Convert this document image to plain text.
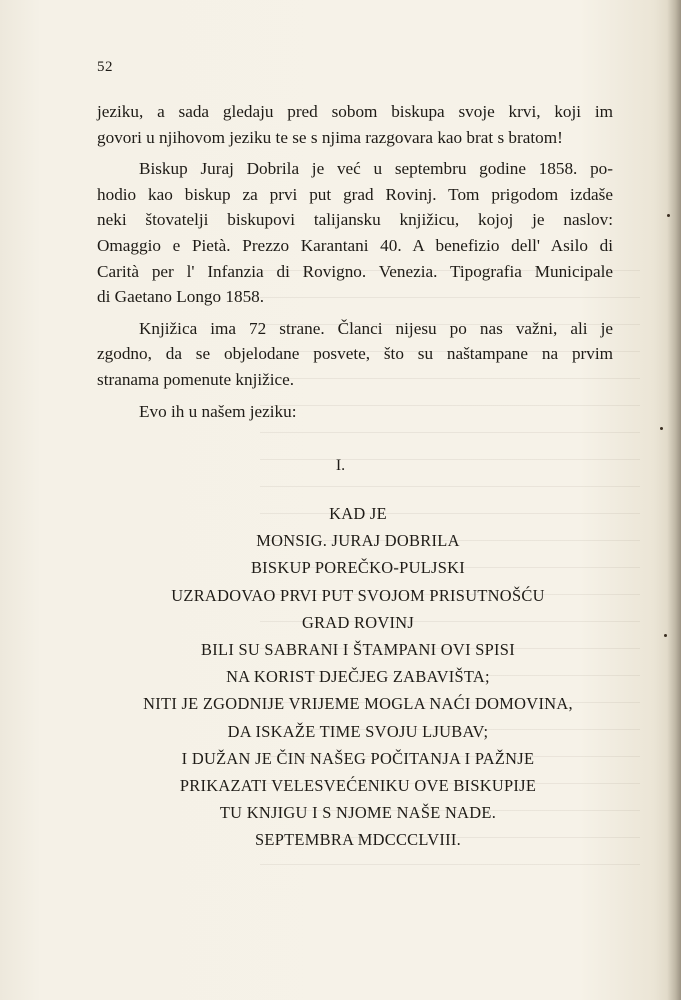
52

jeziku, a sada gledaju pred sobom biskupa svoje krvi, koji im
govori u njihovom jeziku te se s njima razgovara kao brat s bratom!

Biskup Juraj Dobrila je već u septembru godine 1858. po-
hodio kao biskup za prvi put grad Rovinj. Tom prigodom izdaše
neki štovatelji biskupovi talijansku knjižicu, kojoj je naslov:
Omaggio e Pietà. Prezzo Karantani 40. A benefizio dell' Asilo di
Carità per l' Infanzia di Rovigno. Venezia. Tipografia Municipale
di Gaetano Longo 1858.

Knjižica ima 72 strane. Članci nijesu po nas važni, ali je
zgodno, da se objelodane posvete, što su naštampane na prvim
stranama pomenute knjižice.

Evo ih u našem jeziku:

I.
KAD JE
MONSIG. JURAJ DOBRILA
BISKUP POREČKO-PULJSKI
UZRADOVAO PRVI PUT SVOJOM PRISUTNOŠĆU
GRAD ROVINJ
BILI SU SABRANI I ŠTAMPANI OVI SPISI
NA KORIST DJEČJEG ZABAVIŠTA;
NITI JE ZGODNIJE VRIJEME MOGLA NAĆI DOMOVINA,
DA ISKAŽE TIME SVOJU LJUBAV;
I DUŽAN JE ČIN NAŠEG POČITANJA I PAŽNJE
PRIKAZATI VELESVEĆENIKU OVE BISKUPIJE
TU KNJIGU I S NJOME NAŠE NADE.
SEPTEMBRA MDCCCLVIII.
